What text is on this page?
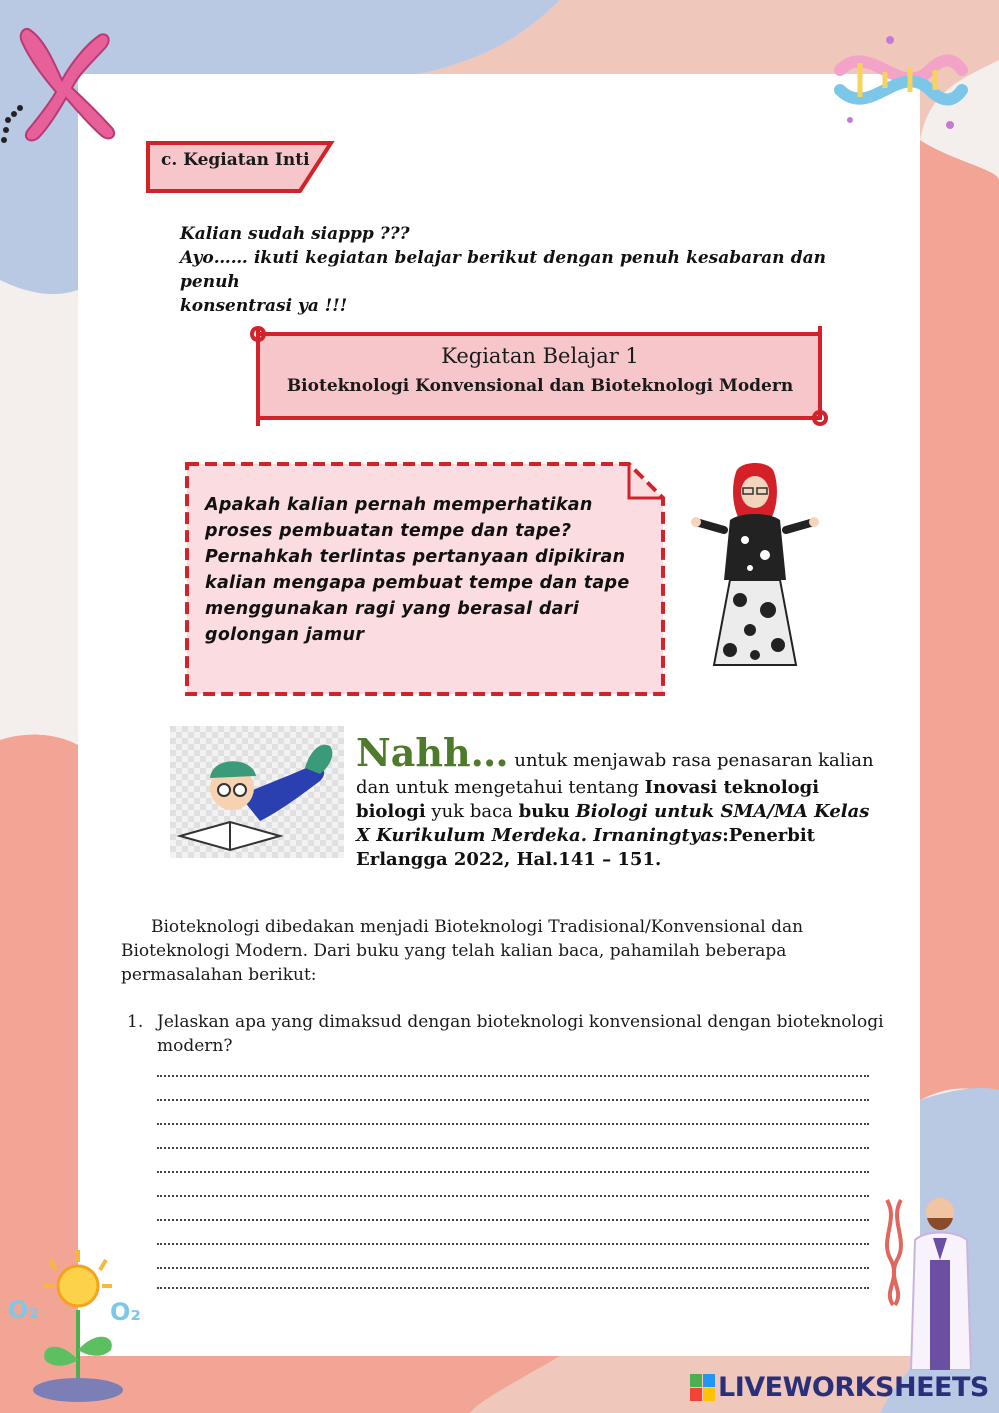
c. Kegiatan Inti
Kalian sudah siappp ???
Ayo…… ikuti kegiatan belajar berikut dengan penuh kesabaran dan penuh
konsentrasi ya !!!
Kegiatan Belajar 1
Bioteknologi Konvensional dan Bioteknologi Modern
Apakah kalian pernah memperhatikan proses pembuatan tempe dan tape? Pernahkah terlintas pertanyaan dipikiran kalian mengapa pembuat tempe dan tape menggunakan ragi yang berasal dari golongan jamur
Nahh… untuk menjawab rasa penasaran kalian dan untuk mengetahui tentang Inovasi teknologi biologi yuk baca buku Biologi untuk SMA/MA Kelas X Kurikulum Merdeka. Irnaningtyas:Penerbit Erlangga 2022, Hal.141 – 151.
Bioteknologi dibedakan menjadi Bioteknologi Tradisional/Konvensional dan Bioteknologi Modern. Dari buku yang telah kalian baca, pahamilah beberapa permasalahan berikut:
1. Jelaskan apa yang dimaksud dengan bioteknologi konvensional dengan bioteknologi modern?
O₂	O₂
LIVEWORKSHEETS
